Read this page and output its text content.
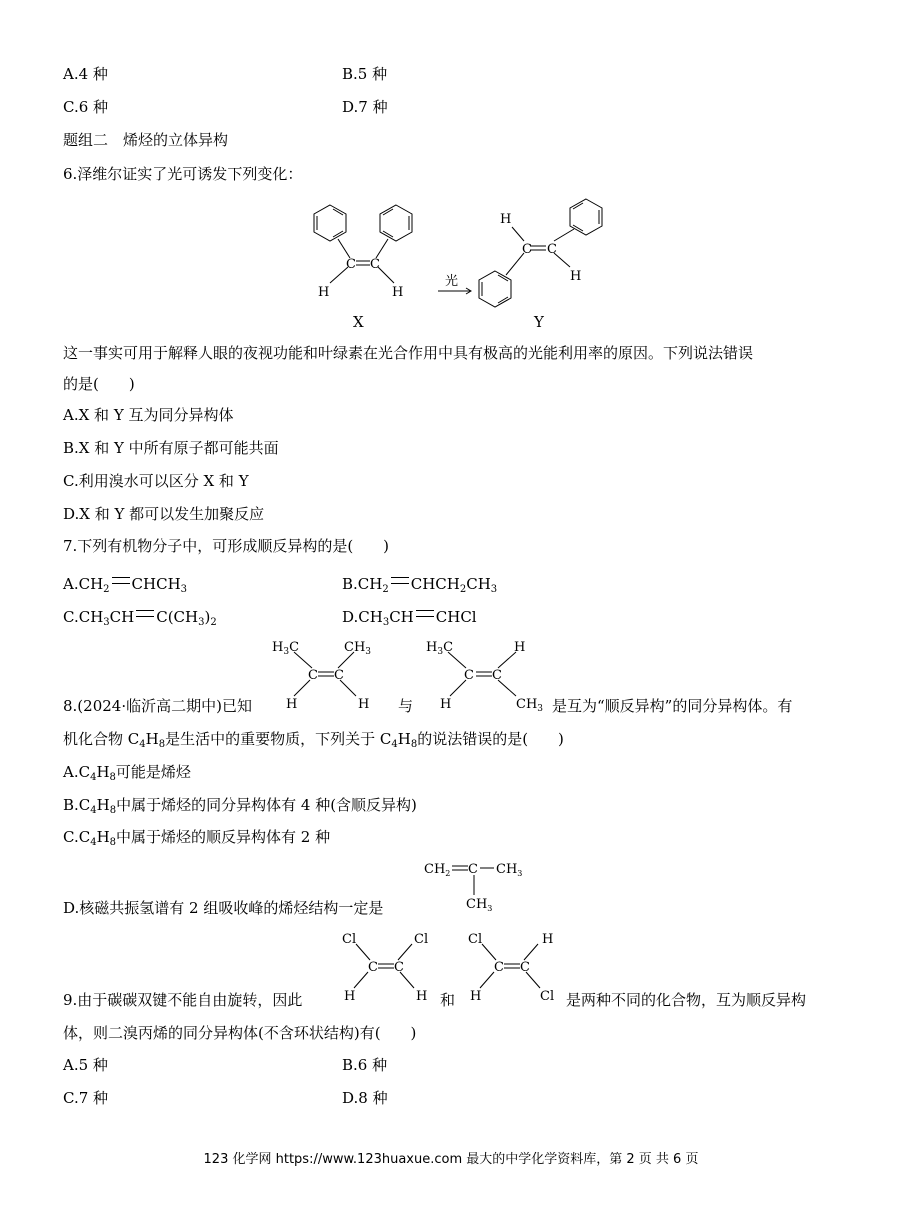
A.4 种	B.5 种
C.6 种	D.7 种
题组二　烯烃的立体异构
6.泽维尔证实了光可诱发下列变化：
C C
H	H
光
H
C C
H
X	Y
这一事实可用于解释人眼的夜视功能和叶绿素在光合作用中具有极高的光能利用率的原因。下列说法错误
的是(　　)
A.X 和 Y 互为同分异构体
B.X 和 Y 中所有原子都可能共面
C.利用溴水可以区分 X 和 Y
D.X 和 Y 都可以发生加聚反应
7.下列有机物分子中，可形成顺反异构的是(　　)
$A.CH_2$ $CHCH_3$	$B.CH_2$ $CHCH_2CH_3$
$C.CH_3CH$ $C(CH_3)_2$	$D.CH_3CH$ CHCl
8.(2024·临沂高二期中)已知
$H_3C$	$CH_3$
C C
H	H 与
$H_3C$	H
C C
H	$CH_3$ 是互为“顺反异构”的同分异构体。有
机化合物 $C_4H_8$是生活中的重要物质，下列关于 $C_4H_8$的说法错误的是(　　)
$A.C_4H_8$可能是烯烃
$B.C_4H_8$中属于烯烃的同分异构体有 4 种(含顺反异构)
$C.C_4H_8$中属于烯烃的顺反异构体有 2 种
D.核磁共振氢谱有 2 组吸收峰的烯烃结构一定是
$CH_2$ C $CH_3$
$CH_3$
9.由于碳碳双键不能自由旋转，因此
Cl	Cl
C C
H	H 和
Cl	H
C C
H	Cl 是两种不同的化合物，互为顺反异构
体，则二溴丙烯的同分异构体(不含环状结构)有(　　)
A.5 种	B.6 种
C.7 种	D.8 种
123 化学网 https://www.123huaxue.com 最大的中学化学资料库，第 2 页 共 6 页
